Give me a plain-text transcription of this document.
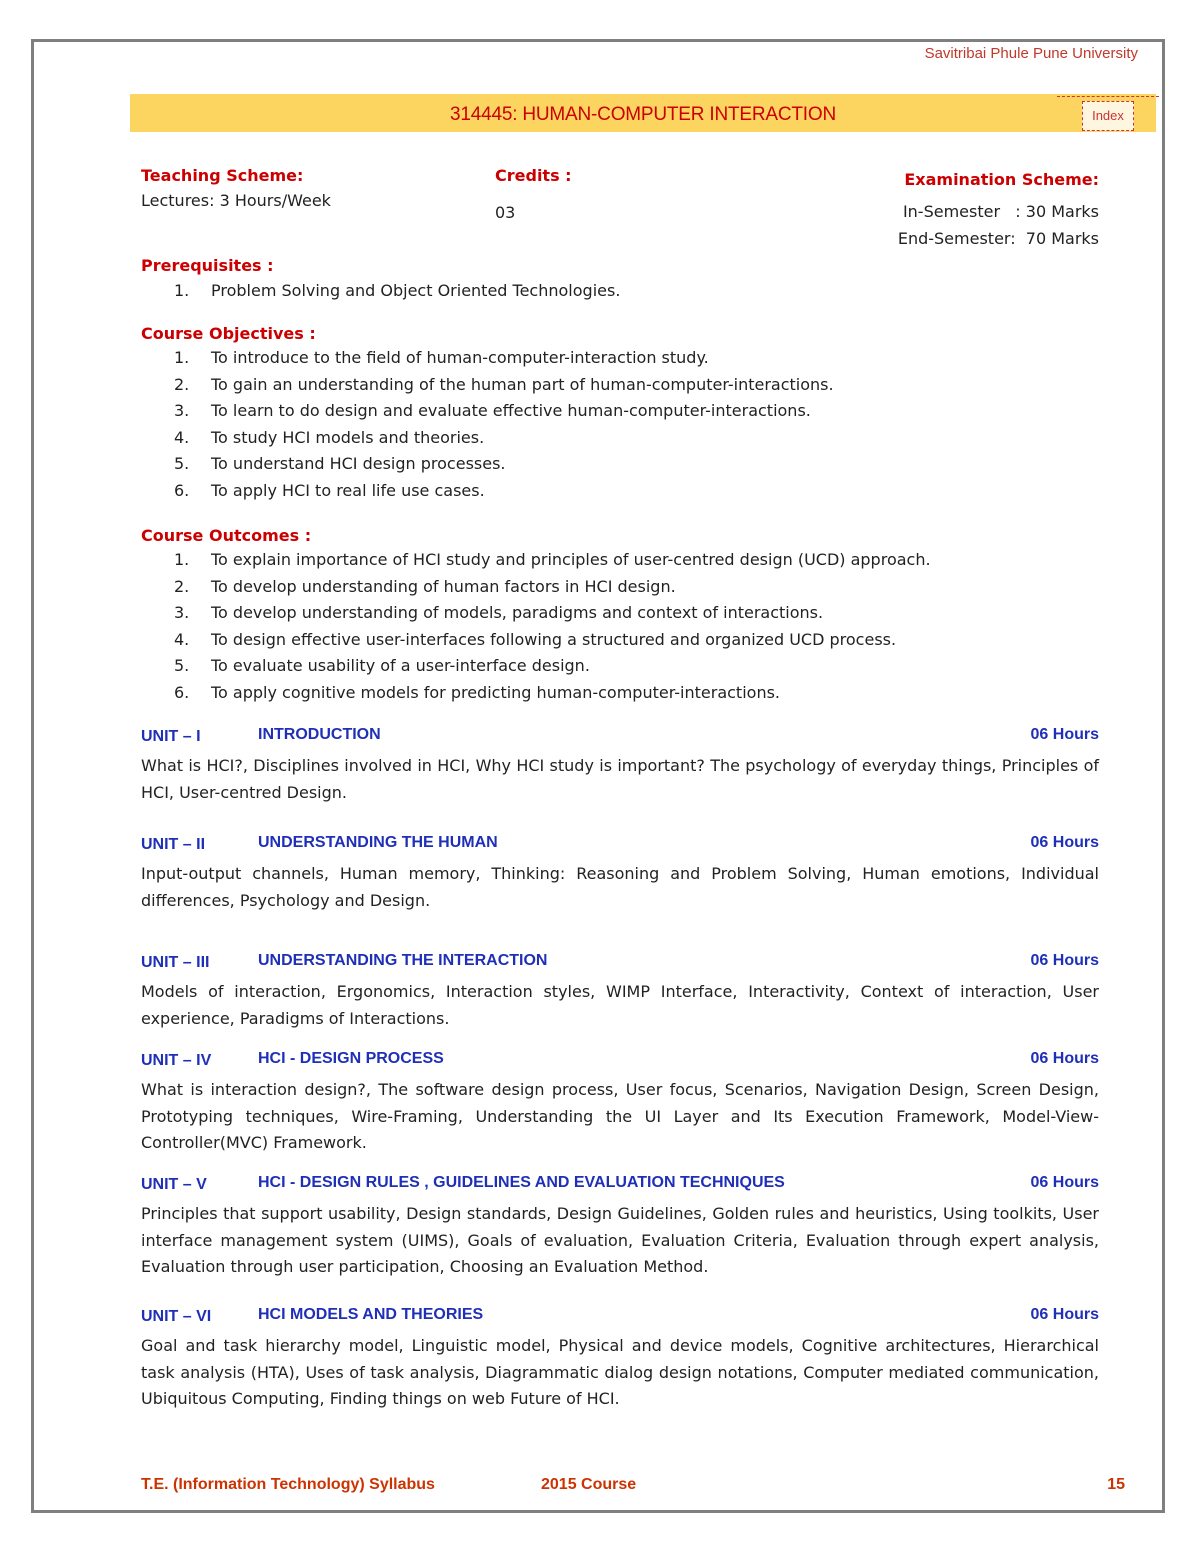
Savitribai Phule Pune University
314445: HUMAN-COMPUTER INTERACTION	Index
Teaching Scheme:
Lectures: 3 Hours/Week
Credits :
03
Examination Scheme:
In-Semester   : 30 Marks
End-Semester:  70 Marks
Prerequisites :
1. Problem Solving and Object Oriented Technologies.
Course Objectives :
1. To introduce to the field of human-computer-interaction study.
2. To gain an understanding of the human part of human-computer-interactions.
3. To learn to do design and evaluate effective human-computer-interactions.
4. To study HCI models and theories.
5. To understand HCI design processes.
6. To apply HCI to real life use cases.
Course Outcomes :
1. To explain importance of HCI study and principles of user-centred design (UCD) approach.
2. To develop understanding of human factors in HCI design.
3. To develop understanding of models, paradigms and context of interactions.
4. To design effective user-interfaces following a structured and organized UCD process.
5. To evaluate usability of a user-interface design.
6. To apply cognitive models for predicting human-computer-interactions.
UNIT – I	INTRODUCTION	06 Hours
What is HCI?, Disciplines involved in HCI, Why HCI study is important? The psychology of everyday things, Principles of HCI, User-centred Design.
UNIT – II	UNDERSTANDING THE HUMAN	06 Hours
Input-output channels, Human memory, Thinking: Reasoning and Problem Solving, Human emotions, Individual differences, Psychology and Design.
UNIT – III	UNDERSTANDING THE INTERACTION	06 Hours
Models of interaction, Ergonomics, Interaction styles, WIMP Interface, Interactivity, Context of interaction, User experience, Paradigms of Interactions.
UNIT – IV	HCI - DESIGN PROCESS	06 Hours
What is interaction design?, The software design process, User focus, Scenarios, Navigation Design, Screen Design, Prototyping techniques, Wire-Framing, Understanding the UI Layer and Its Execution Framework, Model-View-Controller(MVC) Framework.
UNIT – V	HCI - DESIGN RULES , GUIDELINES AND EVALUATION TECHNIQUES	06 Hours
Principles that support usability, Design standards, Design Guidelines, Golden rules and heuristics, Using toolkits, User interface management system (UIMS), Goals of evaluation, Evaluation Criteria, Evaluation through expert analysis, Evaluation through user participation, Choosing an Evaluation Method.
UNIT – VI	HCI MODELS AND THEORIES	06 Hours
Goal and task hierarchy model, Linguistic model, Physical and device models, Cognitive architectures, Hierarchical task analysis (HTA), Uses of task analysis, Diagrammatic dialog design notations, Computer mediated communication, Ubiquitous Computing, Finding things on web Future of HCI.
T.E. (Information Technology) Syllabus	2015 Course	15
